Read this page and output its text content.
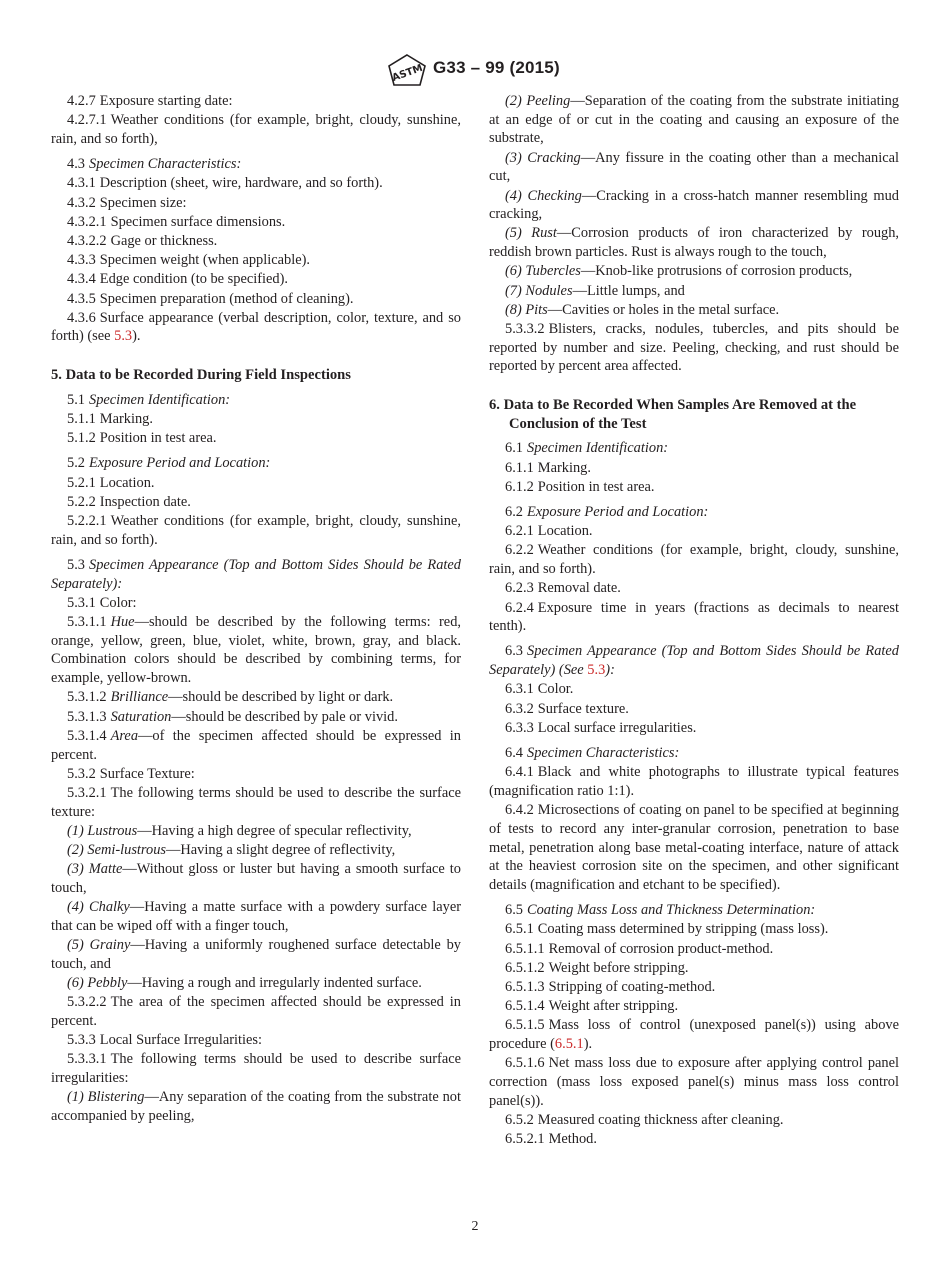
ASTM G33 – 99 (2015)
4.2.7 Exposure starting date:
4.2.7.1 Weather conditions (for example, bright, cloudy, sunshine, rain, and so forth),
4.3 Specimen Characteristics:
4.3.1 Description (sheet, wire, hardware, and so forth).
4.3.2 Specimen size:
4.3.2.1 Specimen surface dimensions.
4.3.2.2 Gage or thickness.
4.3.3 Specimen weight (when applicable).
4.3.4 Edge condition (to be specified).
4.3.5 Specimen preparation (method of cleaning).
4.3.6 Surface appearance (verbal description, color, texture, and so forth) (see 5.3).
5. Data to be Recorded During Field Inspections
5.1 Specimen Identification:
5.1.1 Marking.
5.1.2 Position in test area.
5.2 Exposure Period and Location:
5.2.1 Location.
5.2.2 Inspection date.
5.2.2.1 Weather conditions (for example, bright, cloudy, sunshine, rain, and so forth).
5.3 Specimen Appearance (Top and Bottom Sides Should be Rated Separately):
5.3.1 Color:
5.3.1.1 Hue—should be described by the following terms: red, orange, yellow, green, blue, violet, white, brown, gray, and black. Combination colors should be described by combining terms, for example, yellow-brown.
5.3.1.2 Brilliance—should be described by light or dark.
5.3.1.3 Saturation—should be described by pale or vivid.
5.3.1.4 Area—of the specimen affected should be expressed in percent.
5.3.2 Surface Texture:
5.3.2.1 The following terms should be used to describe the surface texture:
(1) Lustrous—Having a high degree of specular reflectivity,
(2) Semi-lustrous—Having a slight degree of reflectivity,
(3) Matte—Without gloss or luster but having a smooth surface to touch,
(4) Chalky—Having a matte surface with a powdery surface layer that can be wiped off with a finger touch,
(5) Grainy—Having a uniformly roughened surface detectable by touch, and
(6) Pebbly—Having a rough and irregularly indented surface.
5.3.2.2 The area of the specimen affected should be expressed in percent.
5.3.3 Local Surface Irregularities:
5.3.3.1 The following terms should be used to describe surface irregularities:
(1) Blistering—Any separation of the coating from the substrate not accompanied by peeling,
(2) Peeling—Separation of the coating from the substrate initiating at an edge of or cut in the coating and causing an exposure of the substrate,
(3) Cracking—Any fissure in the coating other than a mechanical cut,
(4) Checking—Cracking in a cross-hatch manner resembling mud cracking,
(5) Rust—Corrosion products of iron characterized by rough, reddish brown particles. Rust is always rough to the touch,
(6) Tubercles—Knob-like protrusions of corrosion products,
(7) Nodules—Little lumps, and
(8) Pits—Cavities or holes in the metal surface.
5.3.3.2 Blisters, cracks, nodules, tubercles, and pits should be reported by number and size. Peeling, checking, and rust should be reported by percent area affected.
6. Data to Be Recorded When Samples Are Removed at the Conclusion of the Test
6.1 Specimen Identification:
6.1.1 Marking.
6.1.2 Position in test area.
6.2 Exposure Period and Location:
6.2.1 Location.
6.2.2 Weather conditions (for example, bright, cloudy, sunshine, rain, and so forth).
6.2.3 Removal date.
6.2.4 Exposure time in years (fractions as decimals to nearest tenth).
6.3 Specimen Appearance (Top and Bottom Sides Should be Rated Separately) (See 5.3):
6.3.1 Color.
6.3.2 Surface texture.
6.3.3 Local surface irregularities.
6.4 Specimen Characteristics:
6.4.1 Black and white photographs to illustrate typical features (magnification ratio 1:1).
6.4.2 Microsections of coating on panel to be specified at beginning of tests to record any inter-granular corrosion, penetration to base metal, penetration along base metal-coating interface, nature of attack at the heaviest corrosion site on the specimen, and other significant details (magnification and etchant to be specified).
6.5 Coating Mass Loss and Thickness Determination:
6.5.1 Coating mass determined by stripping (mass loss).
6.5.1.1 Removal of corrosion product-method.
6.5.1.2 Weight before stripping.
6.5.1.3 Stripping of coating-method.
6.5.1.4 Weight after stripping.
6.5.1.5 Mass loss of control (unexposed panel(s)) using above procedure (6.5.1).
6.5.1.6 Net mass loss due to exposure after applying control panel correction (mass loss exposed panel(s) minus mass loss control panel(s)).
6.5.2 Measured coating thickness after cleaning.
6.5.2.1 Method.
2
